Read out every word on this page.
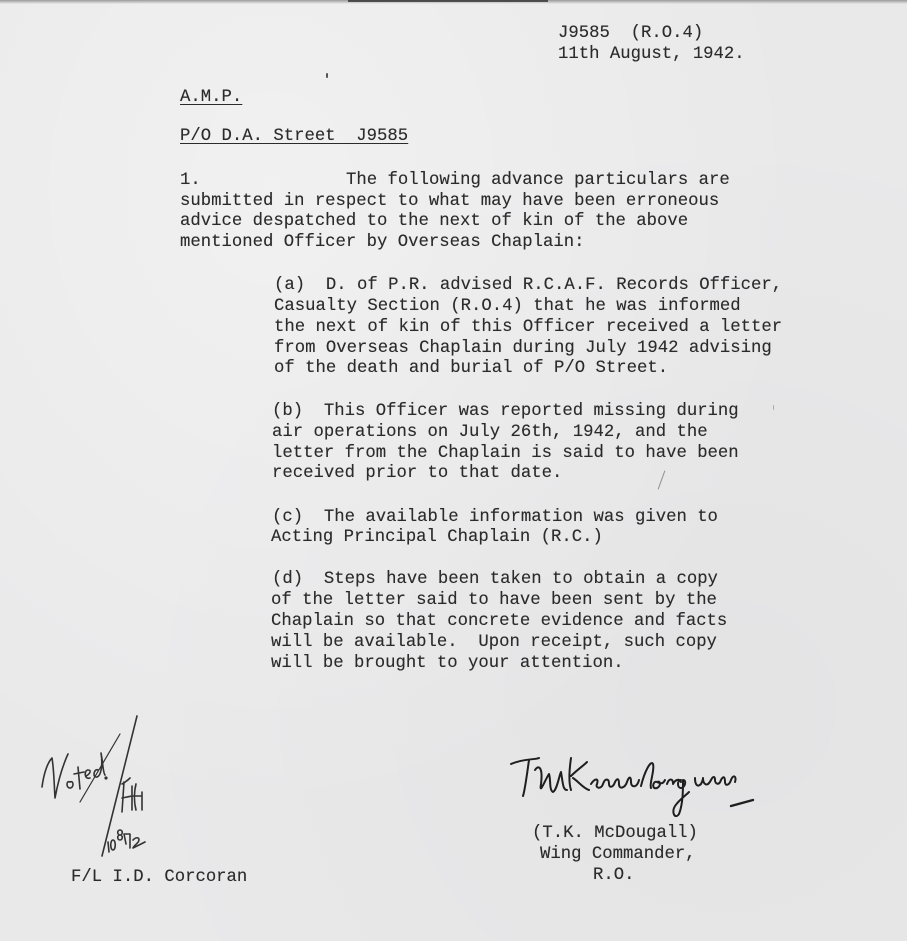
J9585  (R.O.4)
11th August, 1942.
A.M.P.
P/O D.A. Street  J9585
1.	The following advance particulars are
submitted in respect to what may have been erroneous
advice despatched to the next of kin of the above
mentioned Officer by Overseas Chaplain:
(a)  D. of P.R. advised R.C.A.F. Records Officer,
Casualty Section (R.O.4) that he was informed
the next of kin of this Officer received a letter
from Overseas Chaplain during July 1942 advising
of the death and burial of P/O Street.
(b)  This Officer was reported missing during
air operations on July 26th, 1942, and the
letter from the Chaplain is said to have been
received prior to that date.
(c)  The available information was given to
Acting Principal Chaplain (R.C.)
(d)  Steps have been taken to obtain a copy
of the letter said to have been sent by the
Chaplain so that concrete evidence and facts
will be available.  Upon receipt, such copy
will be brought to your attention.
F/L I.D. Corcoran
(T.K. McDougall)
Wing Commander,
R.O.
